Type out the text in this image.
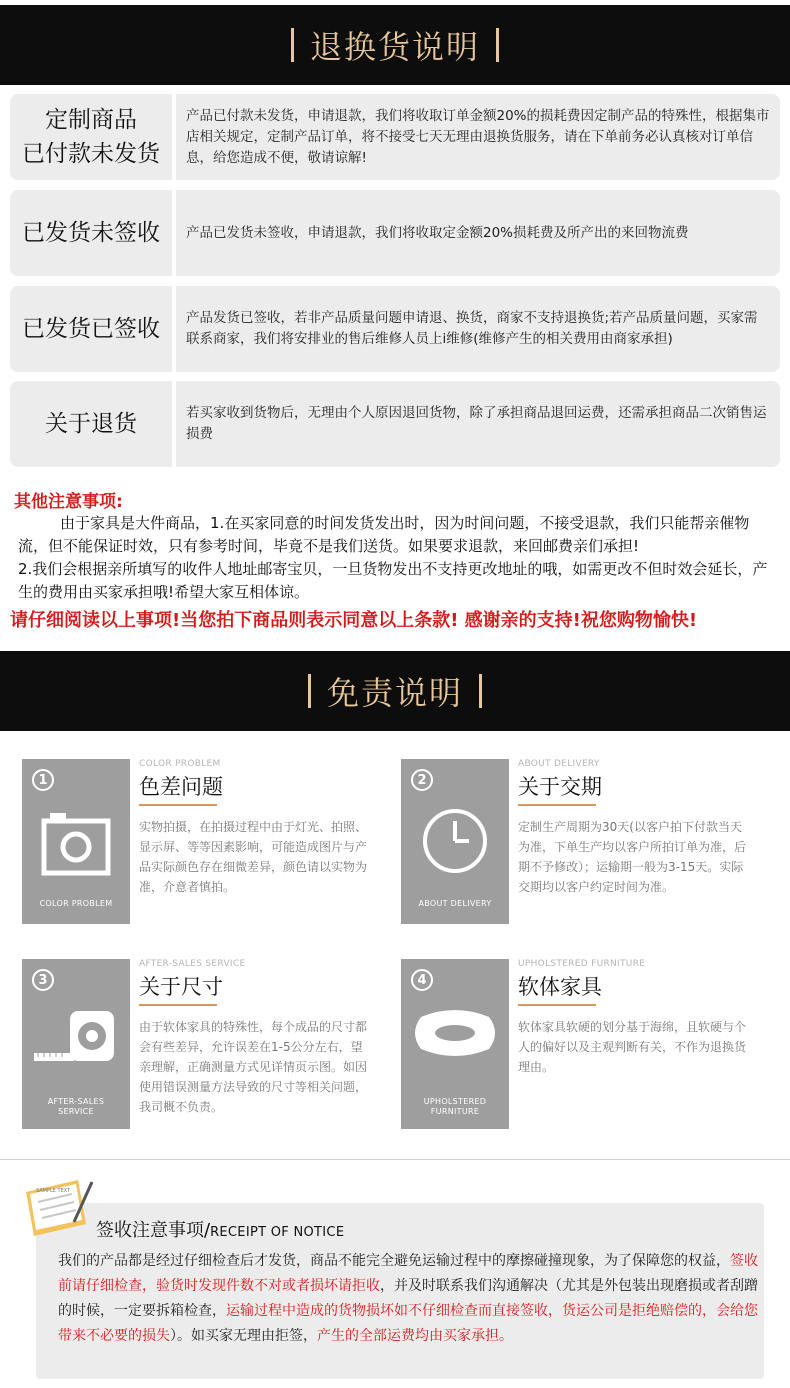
退换货说明
定制商品
已付款未发货
产品已付款未发货，申请退款，我们将收取订单金额20%的损耗费因定制产品的特殊性，根据集市店相关规定，定制产品订单，将不接受七天无理由退换货服务，请在下单前务必认真核对订单信息，给您造成不便，敬请谅解!
已发货未签收 产品已发货未签收，申请退款，我们将收取定金额20%损耗费及所产出的来回物流费
已发货已签收 产品发货已签收，若非产品质量问题申请退、换货，商家不支持退换货;若产品质量问题，买家需联系商家，我们将安排业的售后维修人员上i维修(维修产生的相关费用由商家承担)
关于退货	若买家收到货物后，无理由个人原因退回货物，除了承担商品退回运费，还需承担商品二次销售运损费
其他注意事项:

由于家具是大件商品，1.在买家同意的时间发货发出时，因为时间问题，不接受退款，我们只能帮亲催物流，但不能保证时效，只有参考时间，毕竟不是我们送货。如果要求退款，来回邮费亲们承担!

2.我们会根据亲所填写的收件人地址邮寄宝贝，一旦货物发出不支持更改地址的哦，如需更改不但时效会延长，产生的费用由买家承担哦!希望大家互相体谅。

请仔细阅读以上事项!当您拍下商品则表示同意以上条款! 感谢亲的支持!祝您购物愉快!
免责说明
1
COLOR PROBLEM
COLOR PROBLEM
色差问题
实物拍摄，在拍摄过程中由于灯光、拍照、显示屏、等等因素影响，可能造成图片与产品实际颜色存在细微差异，颜色请以实物为准，介意者慎拍。
2
ABOUT DELIVERY
ABOUT DELIVERY
关于交期
定制生产周期为30天(以客户拍下付款当天为准，下单生产均以客户所拍订单为准，后期不予修改）；运输期一般为3-15天。实际交期均以客户约定时间为准。
3
AFTER-SALES
SERVICE
AFTER-SALES SERVICE
关于尺寸
由于软体家具的特殊性，每个成品的尺寸都会有些差异，允许误差在1-5公分左右，望亲理解，正确测量方式见详情页示图。如因使用错误测量方法导致的尺寸等相关问题，我司概不负责。
4
UPHOLSTERED
FURNITURE
UPHOLSTERED FURNITURE
软体家具
软体家具软硬的划分基于海绵，且软硬与个人的偏好以及主观判断有关，不作为退换货理由。
SAMPLE TEXT
签收注意事项/RECEIPT OF NOTICE
我们的产品都是经过仔细检查后才发货，商品不能完全避免运输过程中的摩擦碰撞现象，为了保障您的权益，签收前请仔细检查，验货时发现件数不对或者损坏请拒收，并及时联系我们沟通解决（尤其是外包装出现磨损或者刮蹭的时候，一定要拆箱检查，运输过程中造成的货物损坏如不仔细检查而直接签收，货运公司是拒绝赔偿的，会给您带来不必要的损失）。如买家无理由拒签，产生的全部运费均由买家承担。
